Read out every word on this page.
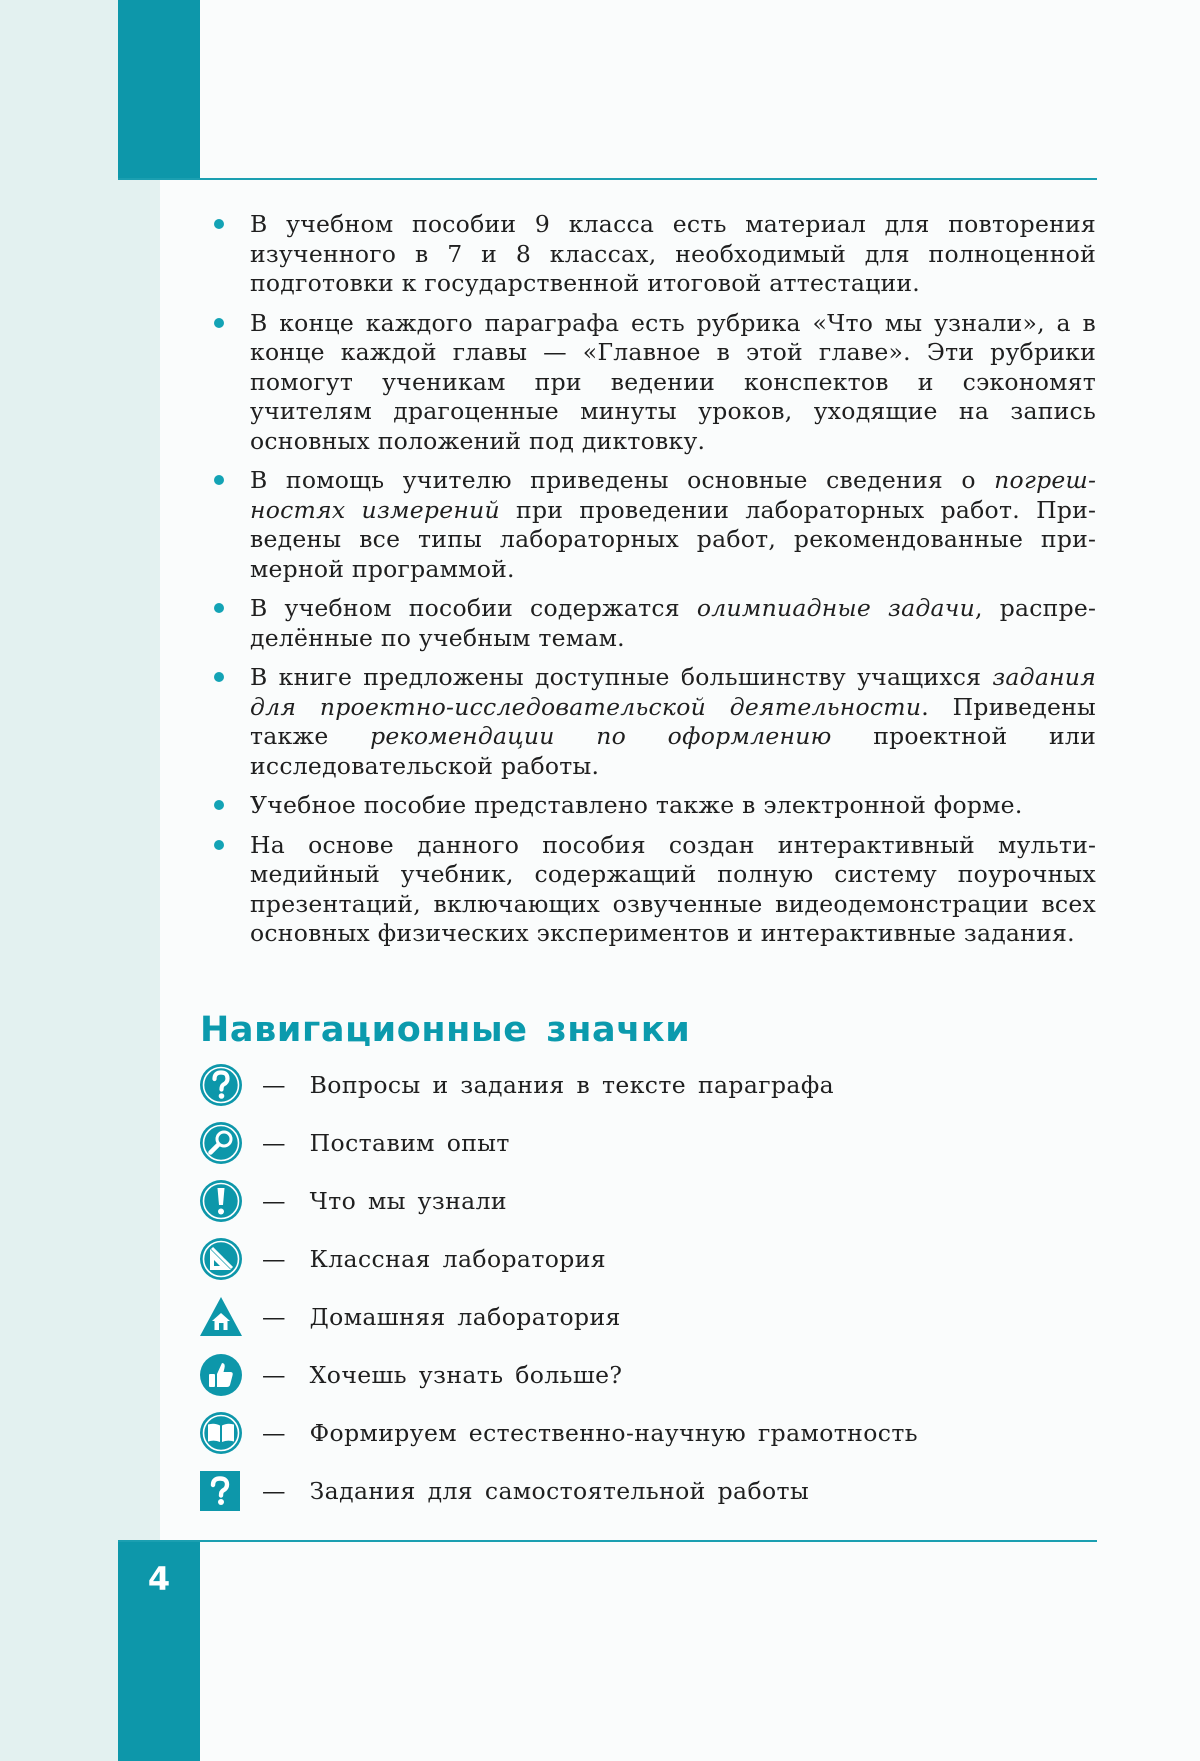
В учебном пособии 9 класса есть материал для повторения изученного в 7 и 8 классах, необходимый для полноценной подготовки к государственной итоговой аттестации.
В конце каждого параграфа есть рубрика «Что мы узнали», а в конце каждой главы — «Главное в этой главе». Эти рубрики помогут ученикам при ведении конспектов и сэкономят учителям драгоценные минуты уроков, уходящие на запись основных положений под диктовку.
В помощь учителю приведены основные сведения о погрешностях измерений при проведении лабораторных работ. Приведены все типы лабораторных работ, рекомендованные примерной программой.
В учебном пособии содержатся олимпиадные задачи, распределённые по учебным темам.
В книге предложены доступные большинству учащихся задания для проектно-исследовательской деятельности. Приведены также рекомендации по оформлению проектной или исследовательской работы.
Учебное пособие представлено также в электронной форме.
На основе данного пособия создан интерактивный мультимедийный учебник, содержащий полную систему поурочных презентаций, включающих озвученные видеодемонстрации всех основных физических экспериментов и интерактивные задания.
Навигационные значки
—  Вопросы и задания в тексте параграфа
—  Поставим опыт
—  Что мы узнали
—  Классная лаборатория
—  Домашняя лаборатория
—  Хочешь узнать больше?
—  Формируем естественно-научную грамотность
—  Задания для самостоятельной работы
4
